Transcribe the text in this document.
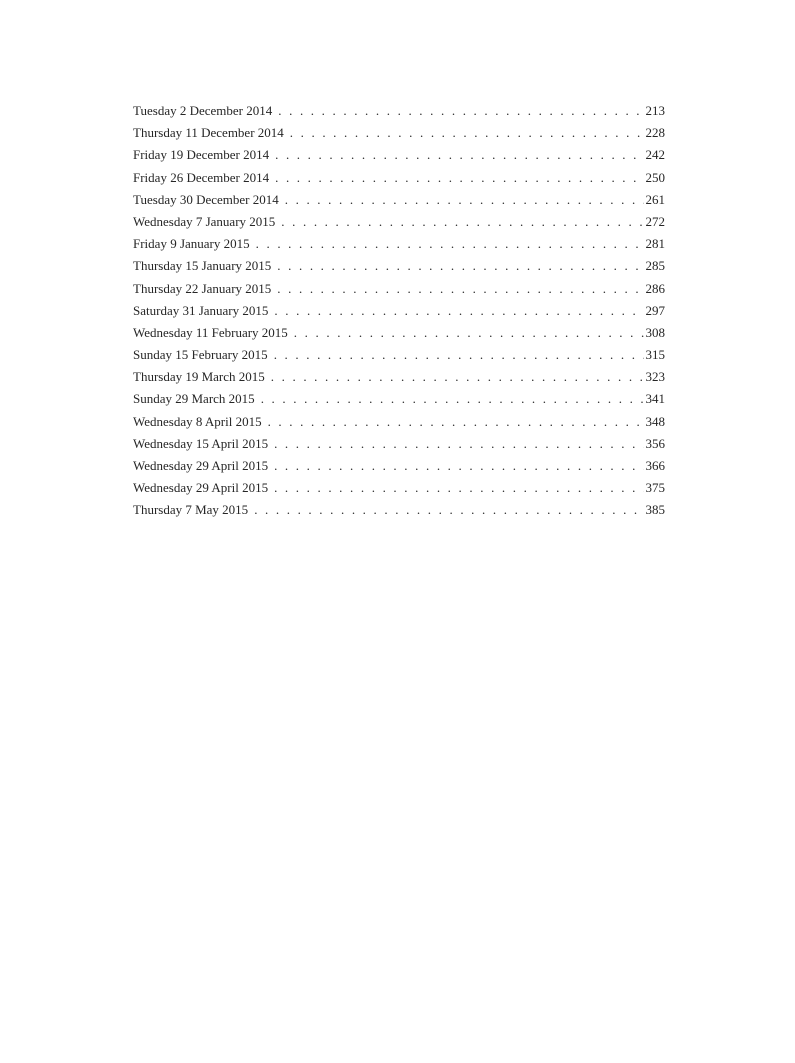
Tuesday 2 December 2014 .....	213
Thursday 11 December 2014 .....	228
Friday 19 December 2014 .....	242
Friday 26 December 2014 .....	250
Tuesday 30 December 2014 .....	261
Wednesday 7 January 2015 .....	272
Friday 9 January 2015 .....	281
Thursday 15 January 2015 .....	285
Thursday 22 January 2015 .....	286
Saturday 31 January 2015 .....	297
Wednesday 11 February 2015 .....	308
Sunday 15 February 2015 .....	315
Thursday 19 March 2015 .....	323
Sunday 29 March 2015 .....	341
Wednesday 8 April 2015 .....	348
Wednesday 15 April 2015 .....	356
Wednesday 29 April 2015 .....	366
Wednesday 29 April 2015 .....	375
Thursday 7 May 2015 .....	385
